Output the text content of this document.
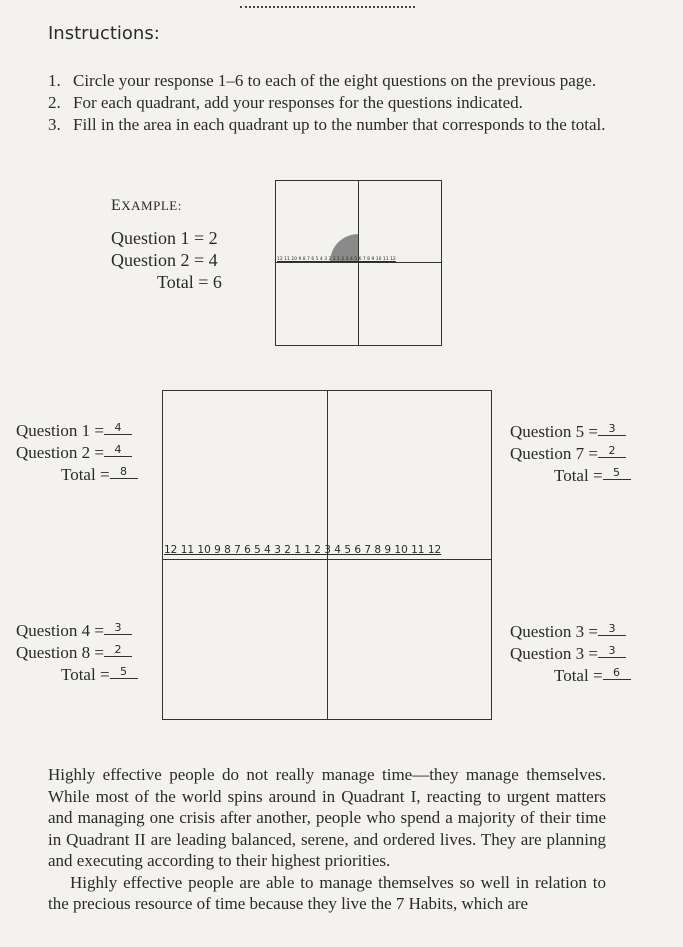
Instructions:
1. Circle your response 1–6 to each of the eight questions on the previous page.
2. For each quadrant, add your responses for the questions indicated.
3. Fill in the area in each quadrant up to the number that corresponds to the total.
EXAMPLE:
Question 1 = 2
Question 2 = 4
Total = 6
12 11 10 9 8 7 6 5 4 3 2 1 1 2 3 4 5 6 7 8 9 10 11 12
12 11 10 9 8 7 6 5 4 3 2 1 1 2 3 4 5 6 7 8 9 10 11 12
Question 1 = 4
Question 2 = 4
Total = 8
Question 5 = 3
Question 7 = 2
Total = 5
Question 4 = 3
Question 8 = 2
Total = 5
Question 3 = 3
Question 3 = 3
Total = 6

Highly effective people do not really manage time—they manage themselves. While most of the world spins around in Quadrant I, reacting to urgent matters and managing one crisis after another, people who spend a majority of their time in Quadrant II are leading balanced, serene, and ordered lives. They are planning and executing according to their highest priorities.

Highly effective people are able to manage themselves so well in relation to the precious resource of time because they live the 7 Habits, which are
